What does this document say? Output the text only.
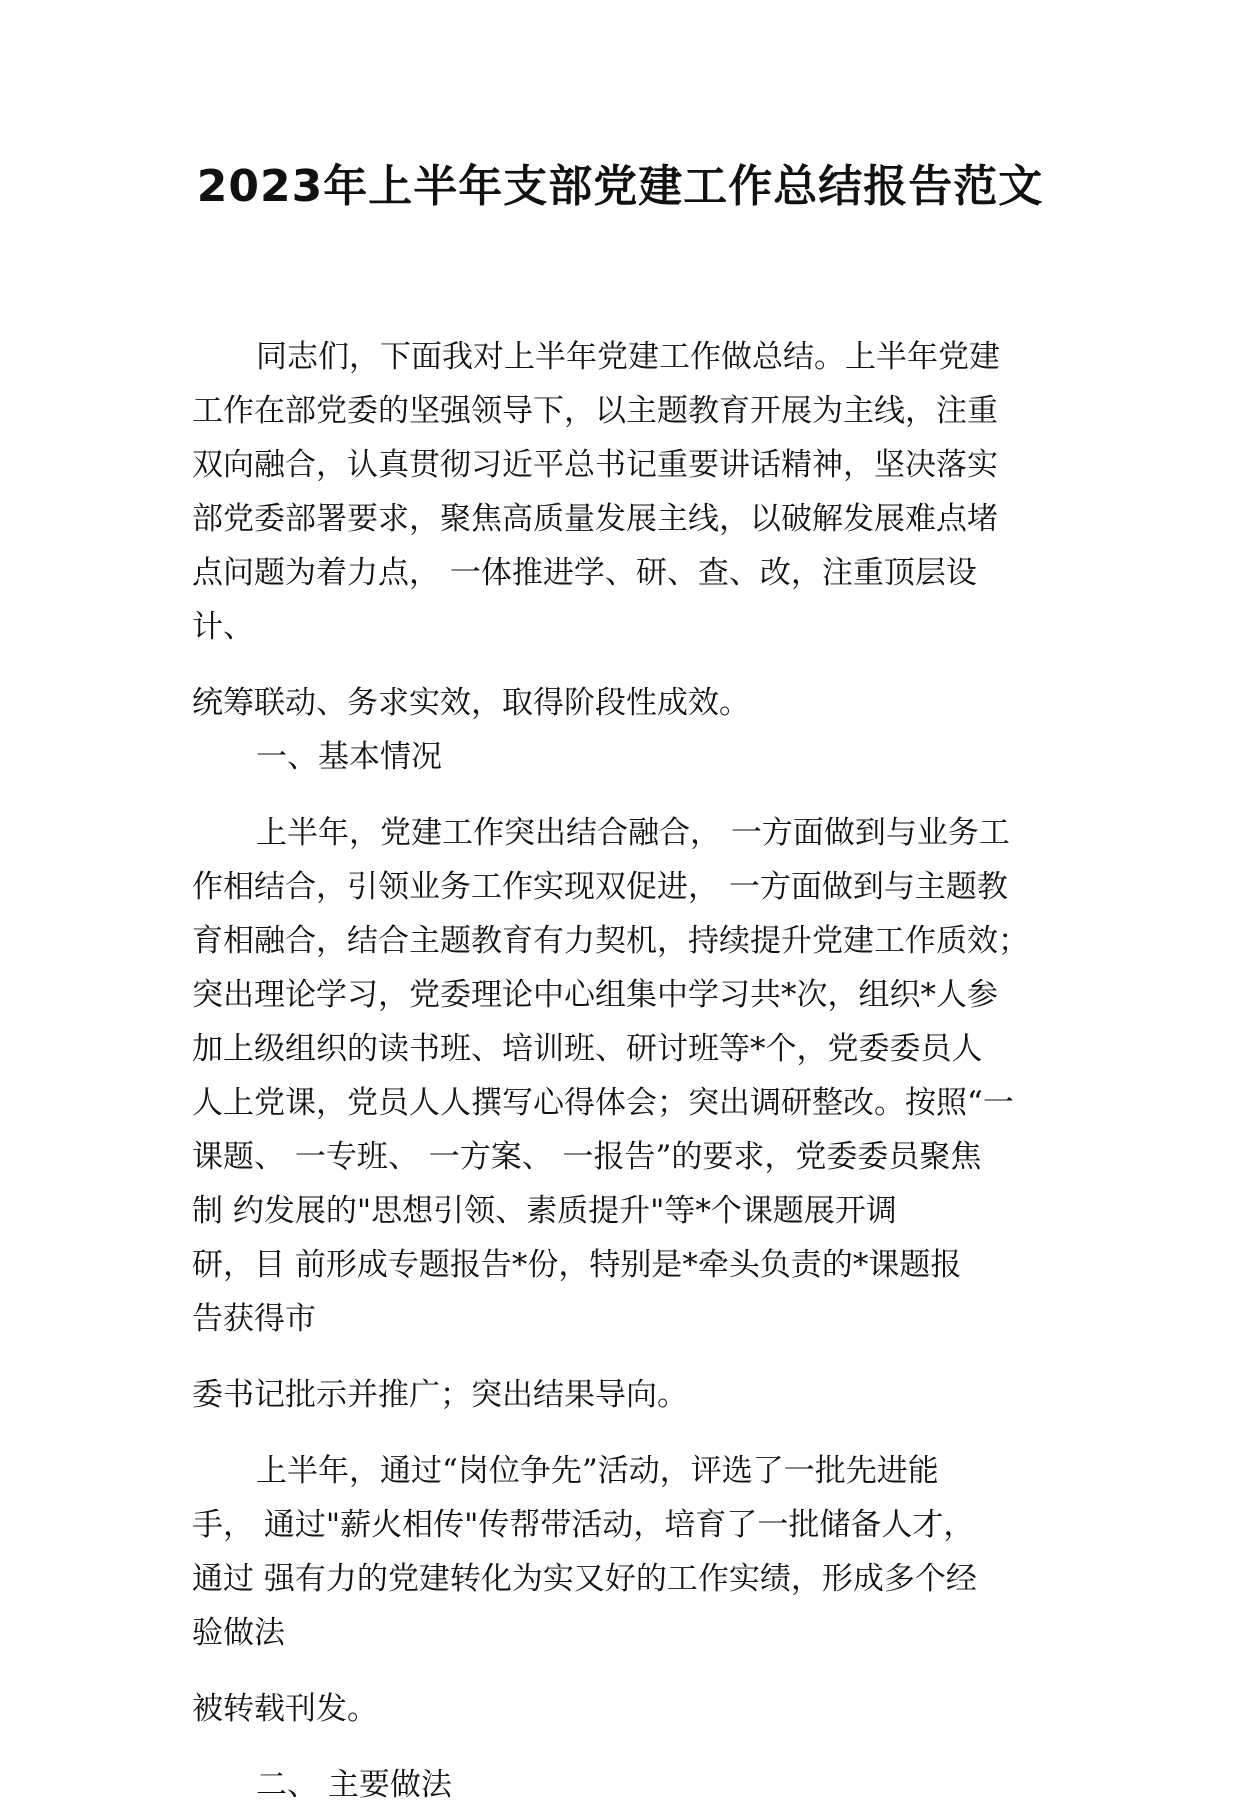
2023年上半年支部党建工作总结报告范文
同志们，下面我对上半年党建工作做总结。上半年党建
工作在部党委的坚强领导下，以主题教育开展为主线，注重
双向融合，认真贯彻习近平总书记重要讲话精神，坚决落实
部党委部署要求，聚焦高质量发展主线，以破解发展难点堵
点问题为着力点， 一体推进学、研、查、改，注重顶层设
计、
统筹联动、务求实效，取得阶段性成效。
一、基本情况
上半年，党建工作突出结合融合， 一方面做到与业务工
作相结合，引领业务工作实现双促进， 一方面做到与主题教
育相融合，结合主题教育有力契机，持续提升党建工作质效；
突出理论学习，党委理论中心组集中学习共*次，组织*人参
加上级组织的读书班、培训班、研讨班等*个，党委委员人
人上党课，党员人人撰写心得体会；突出调研整改。按照“一
课题、 一专班、 一方案、 一报告”的要求，党委委员聚焦
制 约发展的"思想引领、素质提升"等*个课题展开调
研，目 前形成专题报告*份，特别是*牵头负责的*课题报
告获得市
委书记批示并推广；突出结果导向。
上半年，通过“岗位争先”活动，评选了一批先进能
手， 通过"薪火相传"传帮带活动，培育了一批储备人才，
通过 强有力的党建转化为实又好的工作实绩，形成多个经
验做法
被转载刊发。
二、 主要做法
